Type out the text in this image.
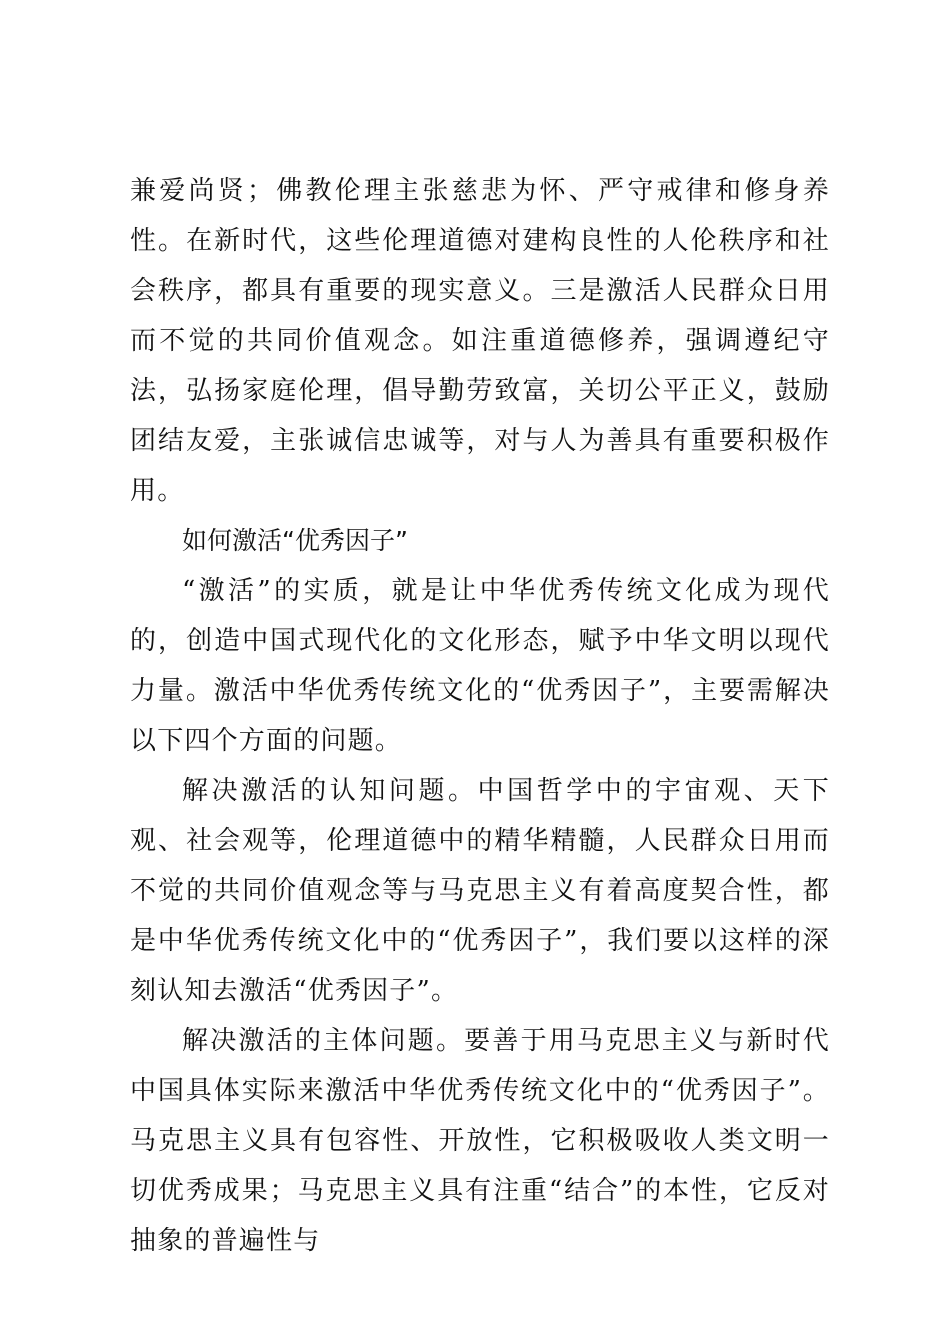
兼爱尚贤；佛教伦理主张慈悲为怀、严守戒律和修身养性。在新时代，这些伦理道德对建构良性的人伦秩序和社会秩序，都具有重要的现实意义。三是激活人民群众日用而不觉的共同价值观念。如注重道德修养，强调遵纪守法，弘扬家庭伦理，倡导勤劳致富，关切公平正义，鼓励团结友爱，主张诚信忠诚等，对与人为善具有重要积极作用。

如何激活“优秀因子”

“激活”的实质，就是让中华优秀传统文化成为现代的，创造中国式现代化的文化形态，赋予中华文明以现代力量。激活中华优秀传统文化的“优秀因子”，主要需解决以下四个方面的问题。

解决激活的认知问题。中国哲学中的宇宙观、天下观、社会观等，伦理道德中的精华精髓，人民群众日用而不觉的共同价值观念等与马克思主义有着高度契合性，都是中华优秀传统文化中的“优秀因子”，我们要以这样的深刻认知去激活“优秀因子”。

解决激活的主体问题。要善于用马克思主义与新时代中国具体实际来激活中华优秀传统文化中的“优秀因子”。马克思主义具有包容性、开放性，它积极吸收人类文明一切优秀成果；马克思主义具有注重“结合”的本性，它反对抽象的普遍性与
